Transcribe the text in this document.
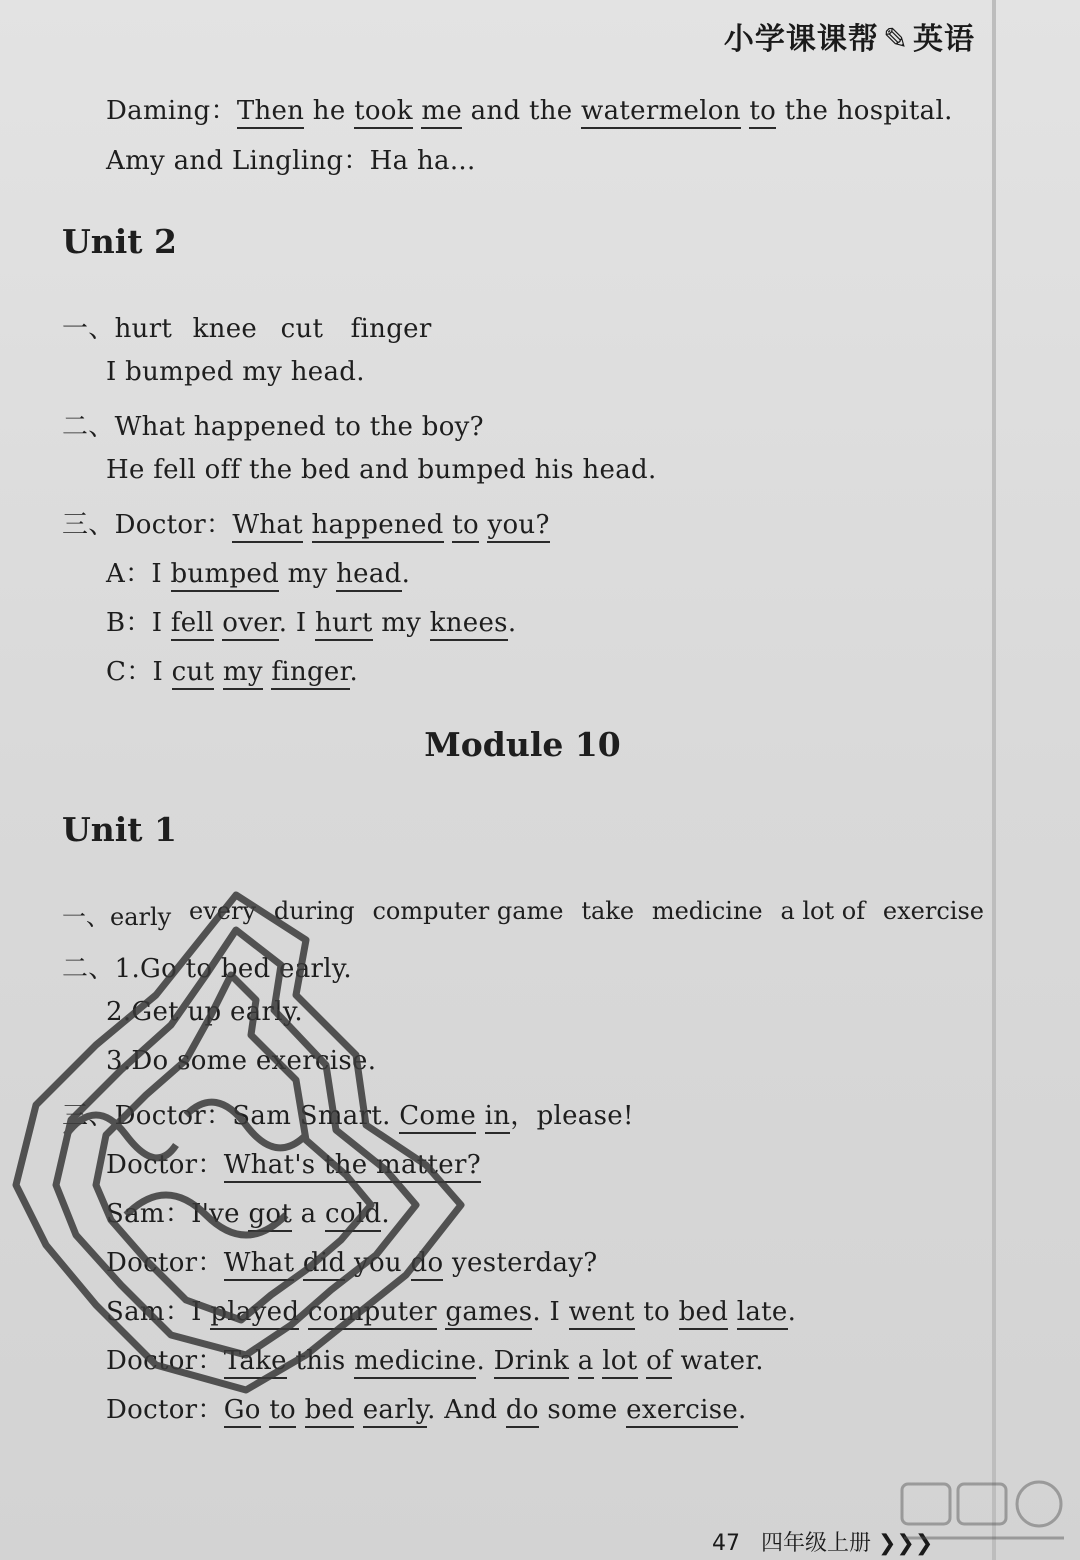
小学课课帮 ✎ 英语
Daming：Then he took me and the watermelon to the hospital.
Amy and Lingling：Ha ha...
Unit 2
一、hurt knee cut finger
I bumped my head.
二、What happened to the boy?
He fell off the bed and bumped his head.
三、Doctor：What happened to you?
A：I bumped my head.
B：I fell over. I hurt my knees.
C：I cut my finger.
Module 10
Unit 1
一、early every during computer game take medicine a lot of exercise
二、1.Go to bed early.
2.Get up early.
3.Do some exercise.
三、Doctor：Sam Smart. Come in，please!
Doctor：What's the matter?
Sam：I've got a cold.
Doctor：What did you do yesterday?
Sam：I played computer games. I went to bed late.
Doctor：Take this medicine. Drink a lot of water.
Doctor：Go to bed early. And do some exercise.
47 四年级上册 ❯❯❯
